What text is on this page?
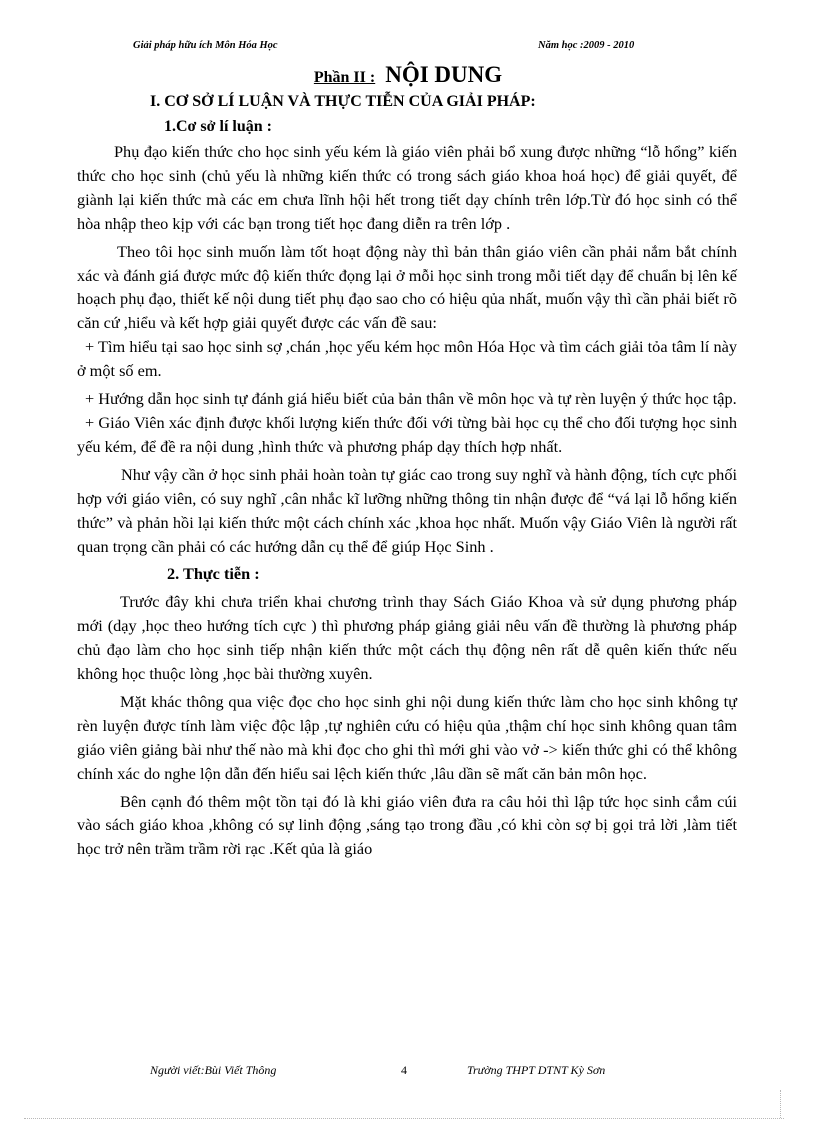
Giải pháp hữu ích Môn Hóa Học	Năm học :2009 - 2010
Phần II : NỘI DUNG
I. CƠ SỞ LÍ LUẬN VÀ THỰC TIỄN CỦA GIẢI PHÁP:
1.Cơ sở lí luận :

Phụ đạo kiến thức cho học sinh yếu kém là giáo viên phải bổ xung được những “lỗ hổng” kiến thức cho học sinh (chủ yếu là những kiến thức có trong sách giáo khoa hoá học) để giải quyết, để giành lại kiến thức mà các em chưa lĩnh hội hết trong tiết dạy chính trên lớp.Từ đó học sinh có thể hòa nhập theo kịp với các bạn trong tiết học đang diễn ra trên lớp .

Theo tôi học sinh muốn làm tốt hoạt động này thì bản thân giáo viên cần phải nắm bắt chính xác và đánh giá được mức độ kiến thức đọng lại ở mỗi học sinh trong mỗi tiết dạy để chuẩn bị lên kế hoạch phụ đạo, thiết kế nội dung tiết phụ đạo sao cho có hiệu qủa nhất, muốn vậy thì cần phải biết rõ căn cứ ,hiểu và kết hợp giải quyết được các vấn đề sau:

+ Tìm hiểu tại sao học sinh sợ ,chán ,học yếu kém học môn Hóa Học và tìm cách giải tỏa tâm lí này ở một số em.

+ Hướng dẫn học sinh tự đánh giá hiểu biết của bản thân về môn học và tự rèn luyện ý thức học tập.

+ Giáo Viên xác định được khối lượng kiến thức đối với từng bài học cụ thể cho đối tượng học sinh yếu kém, để đề ra nội dung ,hình thức và phương pháp dạy thích hợp nhất.

Như vậy cần ở học sinh phải hoàn toàn tự giác cao trong suy nghĩ và hành động, tích cực phối hợp với giáo viên, có suy nghĩ ,cân nhắc kĩ lưỡng những thông tin nhận được để “vá lại lỗ hổng kiến thức” và phản hồi lại kiến thức một cách chính xác ,khoa học nhất. Muốn vậy Giáo Viên là người rất quan trọng cần phải có các hướng dẫn cụ thể để giúp Học Sinh .

2. Thực tiễn :

Trước đây khi chưa triển khai chương trình thay Sách Giáo Khoa và sử dụng phương pháp mới (dạy ,học theo hướng tích cực ) thì phương pháp giảng giải nêu vấn đề thường là phương pháp chủ đạo làm cho học sinh tiếp nhận kiến thức một cách thụ động nên rất dễ quên kiến thức nếu không học thuộc lòng ,học bài thường xuyên.

Mặt khác thông qua việc đọc cho học sinh ghi nội dung kiến thức làm cho học sinh không tự rèn luyện được tính làm việc độc lập ,tự nghiên cứu có hiệu qủa ,thậm chí học sinh không quan tâm giáo viên giảng bài như thế nào mà khi đọc cho ghi thì mới ghi vào vở -> kiến thức ghi có thể không chính xác do nghe lộn dẫn đến hiểu sai lệch kiến thức ,lâu dần sẽ mất căn bản môn học.

Bên cạnh đó thêm một tồn tại đó là khi giáo viên đưa ra câu hỏi thì lập tức học sinh cắm cúi vào sách giáo khoa ,không có sự linh động ,sáng tạo trong đầu ,có khi còn sợ bị gọi trả lời ,làm tiết học trở nên trầm trầm rời rạc .Kết qủa là giáo

Người viết:Bùi Viết Thông	4	Trường THPT DTNT Kỳ Sơn
